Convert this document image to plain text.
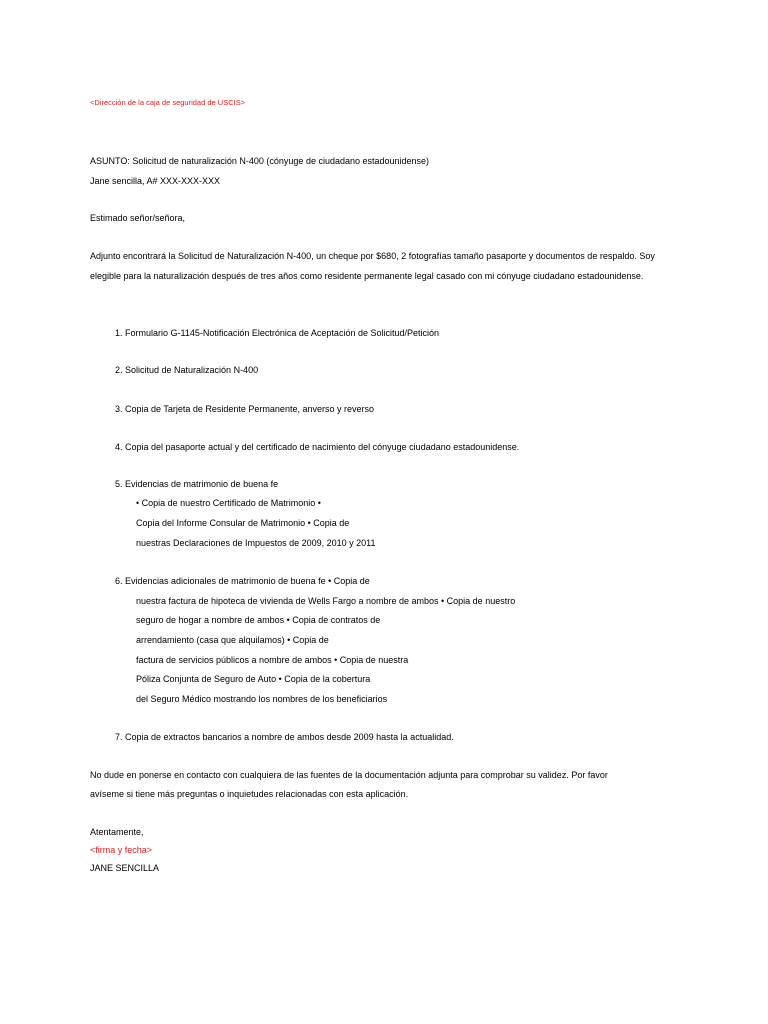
<Dirección de la caja de seguridad de USCIS>
ASUNTO: Solicitud de naturalización N-400 (cónyuge de ciudadano estadounidense)
Jane sencilla, A# XXX-XXX-XXX
Estimado señor/señora,
Adjunto encontrará la Solicitud de Naturalización N-400, un cheque por $680, 2 fotografías tamaño pasaporte y documentos de respaldo. Soy
elegible para la naturalización después de tres años como residente permanente legal casado con mi cónyuge ciudadano estadounidense.
1. Formulario G-1145-Notificación Electrónica de Aceptación de Solicitud/Petición
2. Solicitud de Naturalización N-400
3. Copia de Tarjeta de Residente Permanente, anverso y reverso
4. Copia del pasaporte actual y del certificado de nacimiento del cónyuge ciudadano estadounidense.
5. Evidencias de matrimonio de buena fe
• Copia de nuestro Certificado de Matrimonio •
Copia del Informe Consular de Matrimonio • Copia de
nuestras Declaraciones de Impuestos de 2009, 2010 y 2011
6. Evidencias adicionales de matrimonio de buena fe • Copia de
nuestra factura de hipoteca de vivienda de Wells Fargo a nombre de ambos • Copia de nuestro
seguro de hogar a nombre de ambos • Copia de contratos de
arrendamiento (casa que alquilamos) • Copia de
factura de servicios públicos a nombre de ambos • Copia de nuestra
Póliza Conjunta de Seguro de Auto • Copia de la cobertura
del Seguro Médico mostrando los nombres de los beneficiarios
7. Copia de extractos bancarios a nombre de ambos desde 2009 hasta la actualidad.
No dude en ponerse en contacto con cualquiera de las fuentes de la documentación adjunta para comprobar su validez. Por favor
avíseme si tiene más preguntas o inquietudes relacionadas con esta aplicación.
Atentamente,
<firma y fecha>
JANE SENCILLA
